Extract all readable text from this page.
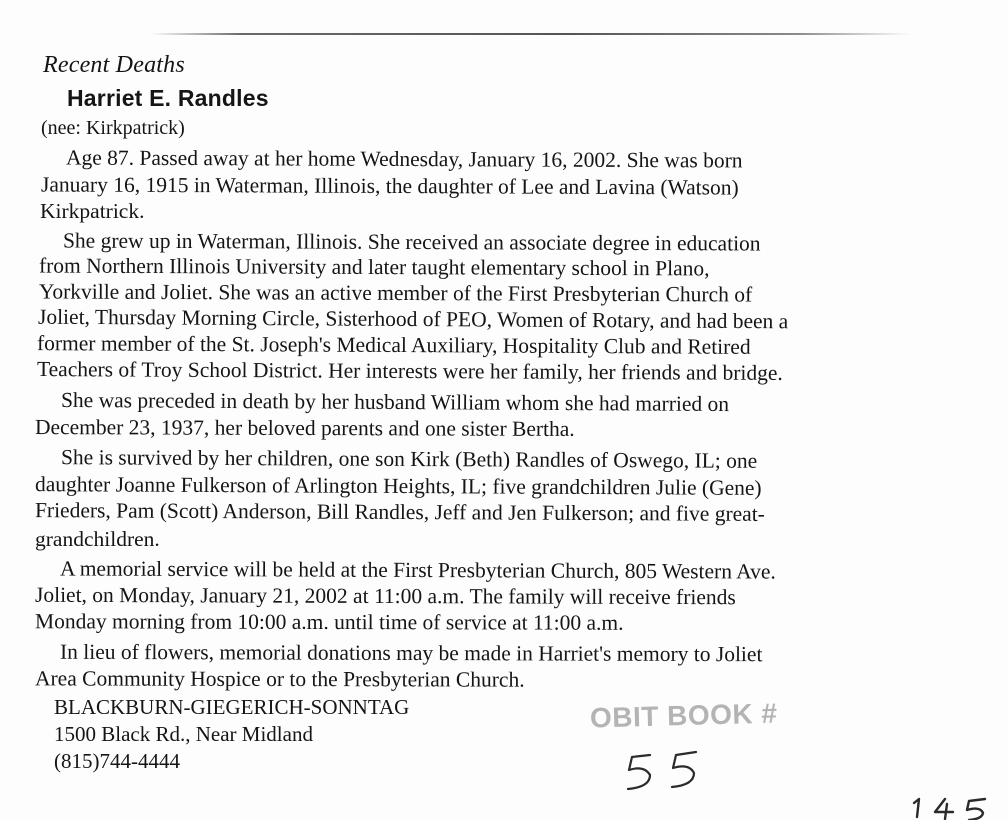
Recent Deaths
Harriet E. Randles
(nee: Kirkpatrick)
Age 87. Passed away at her home Wednesday, January 16, 2002. She was born
January 16, 1915 in Waterman, Illinois, the daughter of Lee and Lavina (Watson)
Kirkpatrick.
She grew up in Waterman, Illinois. She received an associate degree in education
from Northern Illinois University and later taught elementary school in Plano,
Yorkville and Joliet. She was an active member of the First Presbyterian Church of
Joliet, Thursday Morning Circle, Sisterhood of PEO, Women of Rotary, and had been a
former member of the St. Joseph's Medical Auxiliary, Hospitality Club and Retired
Teachers of Troy School District. Her interests were her family, her friends and bridge.
She was preceded in death by her husband William whom she had married on
December 23, 1937, her beloved parents and one sister Bertha.
She is survived by her children, one son Kirk (Beth) Randles of Oswego, IL; one
daughter Joanne Fulkerson of Arlington Heights, IL; five grandchildren Julie (Gene)
Frieders, Pam (Scott) Anderson, Bill Randles, Jeff and Jen Fulkerson; and five great-
grandchildren.
A memorial service will be held at the First Presbyterian Church, 805 Western Ave.
Joliet, on Monday, January 21, 2002 at 11:00 a.m. The family will receive friends
Monday morning from 10:00 a.m. until time of service at 11:00 a.m.
In lieu of flowers, memorial donations may be made in Harriet's memory to Joliet
Area Community Hospice or to the Presbyterian Church.
BLACKBURN-GIEGERICH-SONNTAG
1500 Black Rd., Near Midland
(815)744-4444
OBIT BOOK #
